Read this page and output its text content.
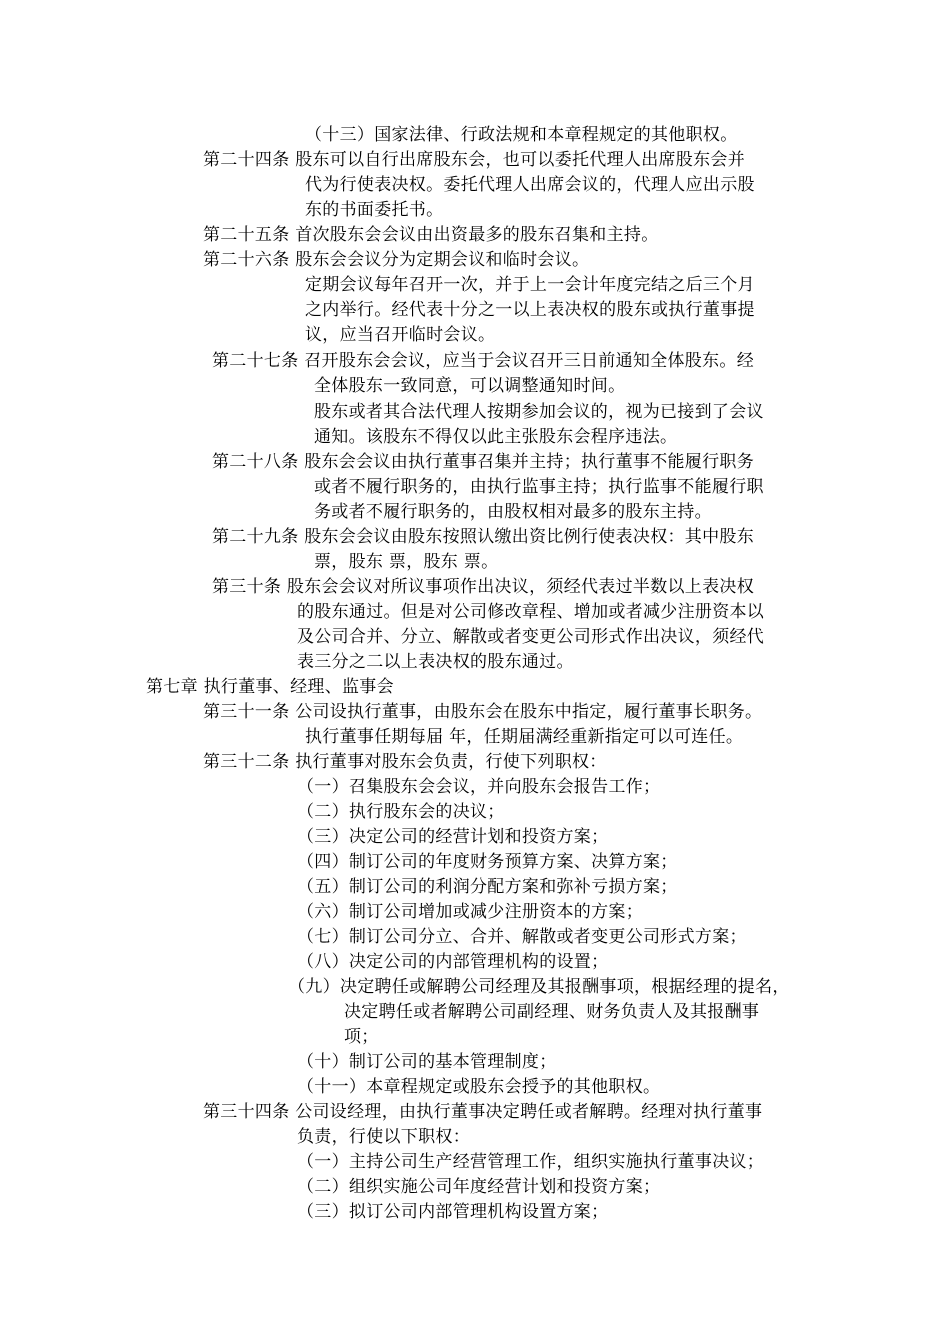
（十三）国家法律、行政法规和本章程规定的其他职权。
第二十四条 股东可以自行出席股东会，也可以委托代理人出席股东会并
代为行使表决权。委托代理人出席会议的，代理人应出示股
东的书面委托书。
第二十五条 首次股东会会议由出资最多的股东召集和主持。
第二十六条 股东会会议分为定期会议和临时会议。
定期会议每年召开一次，并于上一会计年度完结之后三个月
之内举行。经代表十分之一以上表决权的股东或执行董事提
议，应当召开临时会议。
第二十七条 召开股东会会议，应当于会议召开三日前通知全体股东。经
全体股东一致同意，可以调整通知时间。
股东或者其合法代理人按期参加会议的，视为已接到了会议
通知。该股东不得仅以此主张股东会程序违法。
第二十八条 股东会会议由执行董事召集并主持；执行董事不能履行职务
或者不履行职务的，由执行监事主持；执行监事不能履行职
务或者不履行职务的，由股权相对最多的股东主持。
第二十九条 股东会会议由股东按照认缴出资比例行使表决权：其中股东
票，股东 票，股东 票。
第三十条 股东会会议对所议事项作出决议，须经代表过半数以上表决权
的股东通过。但是对公司修改章程、增加或者减少注册资本以
及公司合并、分立、解散或者变更公司形式作出决议，须经代
表三分之二以上表决权的股东通过。
第七章 执行董事、经理、监事会
第三十一条 公司设执行董事，由股东会在股东中指定，履行董事长职务。
执行董事任期每届 年，任期届满经重新指定可以可连任。
第三十二条 执行董事对股东会负责，行使下列职权：
（一）召集股东会会议，并向股东会报告工作；
（二）执行股东会的决议；
（三）决定公司的经营计划和投资方案；
（四）制订公司的年度财务预算方案、决算方案；
（五）制订公司的利润分配方案和弥补亏损方案；
（六）制订公司增加或减少注册资本的方案；
（七）制订公司分立、合并、解散或者变更公司形式方案；
（八）决定公司的内部管理机构的设置；
（九）决定聘任或解聘公司经理及其报酬事项，根据经理的提名，
决定聘任或者解聘公司副经理、财务负责人及其报酬事
项；
（十）制订公司的基本管理制度；
（十一）本章程规定或股东会授予的其他职权。
第三十四条 公司设经理，由执行董事决定聘任或者解聘。经理对执行董事
负责，行使以下职权：
（一）主持公司生产经营管理工作，组织实施执行董事决议；
（二）组织实施公司年度经营计划和投资方案；
（三）拟订公司内部管理机构设置方案；
